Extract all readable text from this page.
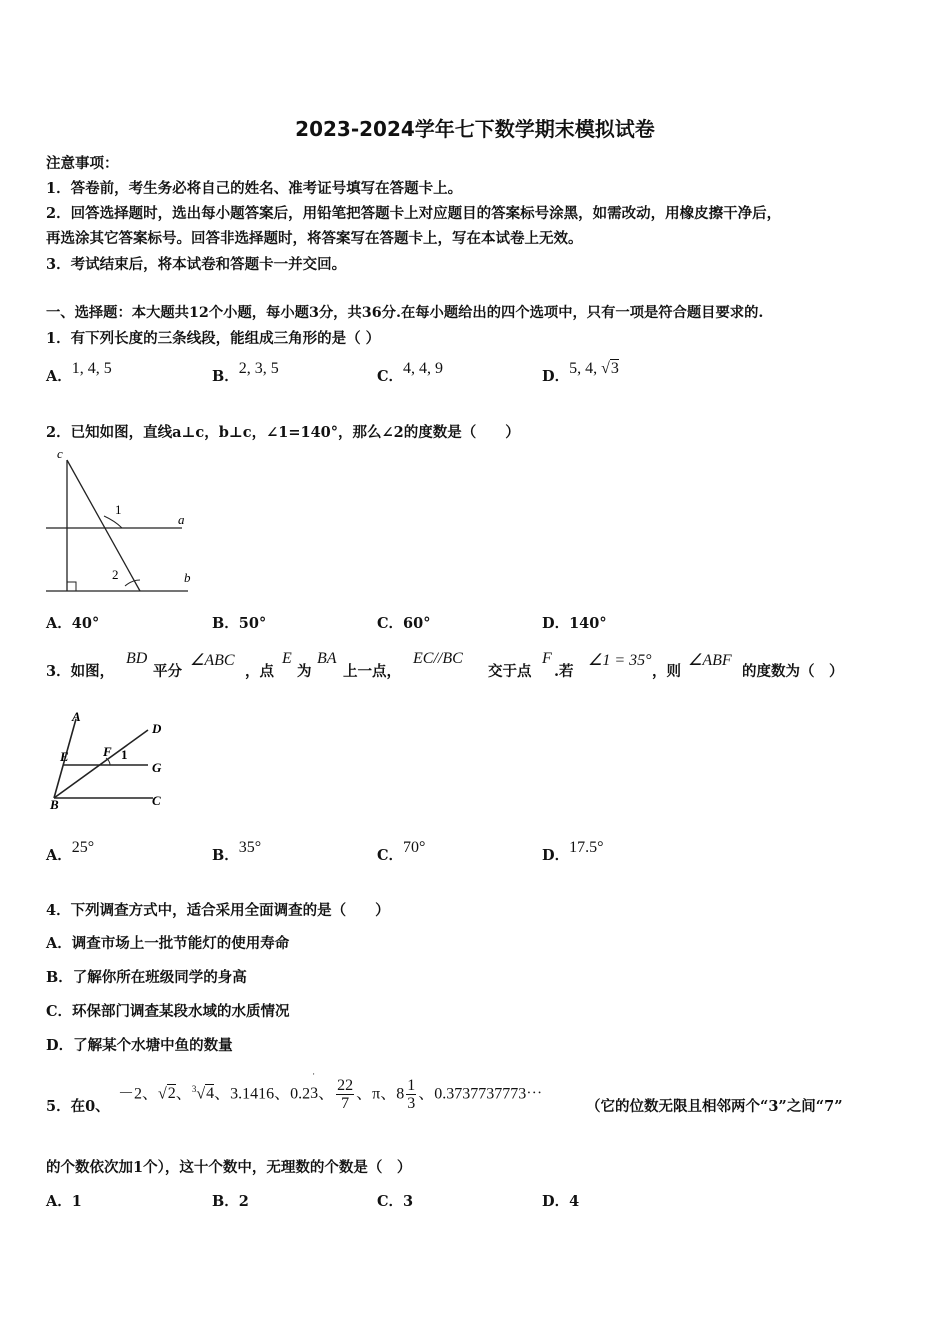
2023-2024学年七下数学期末模拟试卷
注意事项：
1．答卷前，考生务必将自己的姓名、准考证号填写在答题卡上。
2．回答选择题时，选出每小题答案后，用铅笔把答题卡上对应题目的答案标号涂黑，如需改动，用橡皮擦干净后，
再选涂其它答案标号。回答非选择题时，将答案写在答题卡上，写在本试卷上无效。
3．考试结束后，将本试卷和答题卡一并交回。
一、选择题：本大题共12个小题，每小题3分，共36分.在每小题给出的四个选项中，只有一项是符合题目要求的.
1．有下列长度的三条线段，能组成三角形的是（ ）
A．1, 4, 5	B．2, 3, 5	C．4, 4, 9	D．5, 4, √3
2．已知如图，直线a⊥c，b⊥c，∠1=140°，那么∠2的度数是（　　）
c
a
b
1
2
A．40°	B．50°	C．60°	D．140°
3．如图，
BD
平分
∠ABC
，点
E
为
BA
上一点，
EC//BC
交于点
F
.若
∠1 = 35°
，则
∠ABF
的度数为（　）
A
D
E	F 1
G
B	C
A．25°	B．35°	C．70°	D．17.5°
4．下列调查方式中，适合采用全面调查的是（　　）
A．调查市场上一批节能灯的使用寿命
B．了解你所在班级同学的身高
C．环保部门调查某段水域的水质情况
D．了解某个水塘中鱼的数量
5．在0、
－2、√2、$^3$√4、3.1416、0.2
·
3、 $\frac{22}{7}$ 、π、$8 \frac{1}{3}$ 、0.3737737773⋯
（它的位数无限且相邻两个“3”之间“7”
的个数依次加1个），这十个数中，无理数的个数是（　）
A．1	B．2	C．3	D．4
